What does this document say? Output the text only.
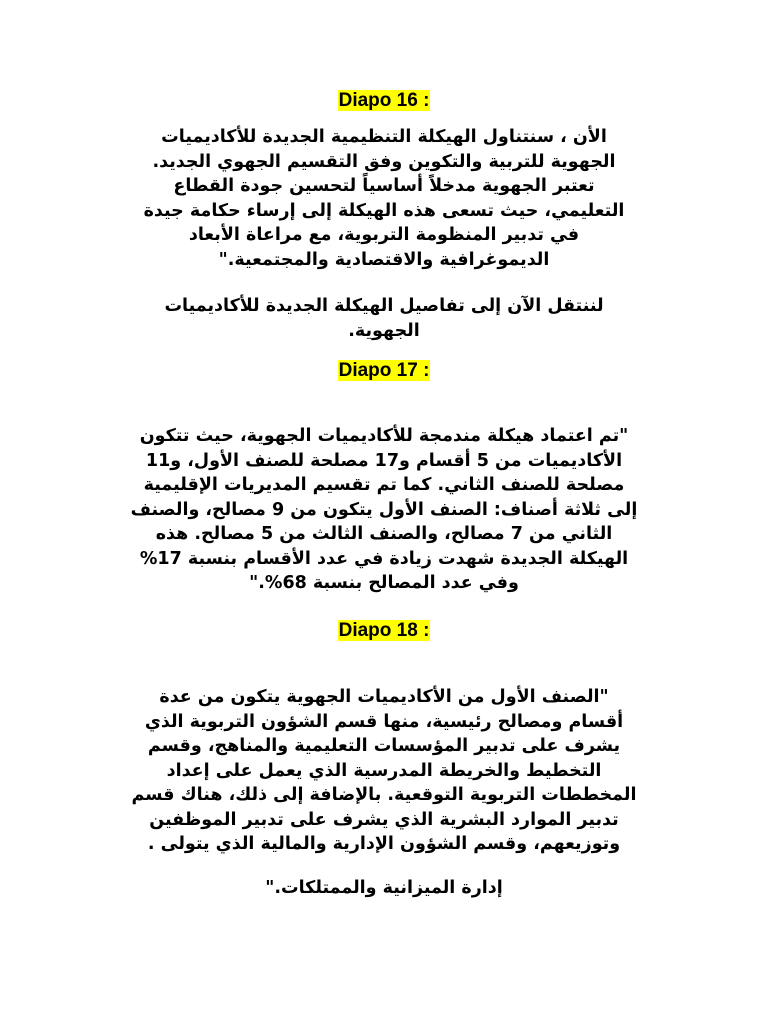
Diapo 16 :
الأن ، سنتناول الهيكلة التنظيمية الجديدة للأكاديميات
الجهوية للتربية والتكوين وفق التقسيم الجهوي الجديد.
تعتبر الجهوية مدخلاً أساسياً لتحسين جودة القطاع
التعليمي، حيث تسعى هذه الهيكلة إلى إرساء حكامة جيدة
في تدبير المنظومة التربوية، مع مراعاة الأبعاد
الديموغرافية والاقتصادية والمجتمعية."
لننتقل الآن إلى تفاصيل الهيكلة الجديدة للأكاديميات
الجهوية.
Diapo 17 :
"تم اعتماد هيكلة مندمجة للأكاديميات الجهوية، حيث تتكون
الأكاديميات من 5 أقسام و17 مصلحة للصنف الأول، و11
مصلحة للصنف الثاني. كما تم تقسيم المديريات الإقليمية
إلى ثلاثة أصناف: الصنف الأول يتكون من 9 مصالح، والصنف
الثاني من 7 مصالح، والصنف الثالث من 5 مصالح. هذه
الهيكلة الجديدة شهدت زيادة في عدد الأقسام بنسبة 17%
وفي عدد المصالح بنسبة 68%."
Diapo 18 :
"الصنف الأول من الأكاديميات الجهوية يتكون من عدة
أقسام ومصالح رئيسية، منها قسم الشؤون التربوية الذي
يشرف على تدبير المؤسسات التعليمية والمناهج، وقسم
التخطيط والخريطة المدرسية الذي يعمل على إعداد
المخططات التربوية التوقعية. بالإضافة إلى ذلك، هناك قسم
تدبير الموارد البشرية الذي يشرف على تدبير الموظفين
وتوزيعهم، وقسم الشؤون الإدارية والمالية الذي يتولى .
إدارة الميزانية والممتلكات."
